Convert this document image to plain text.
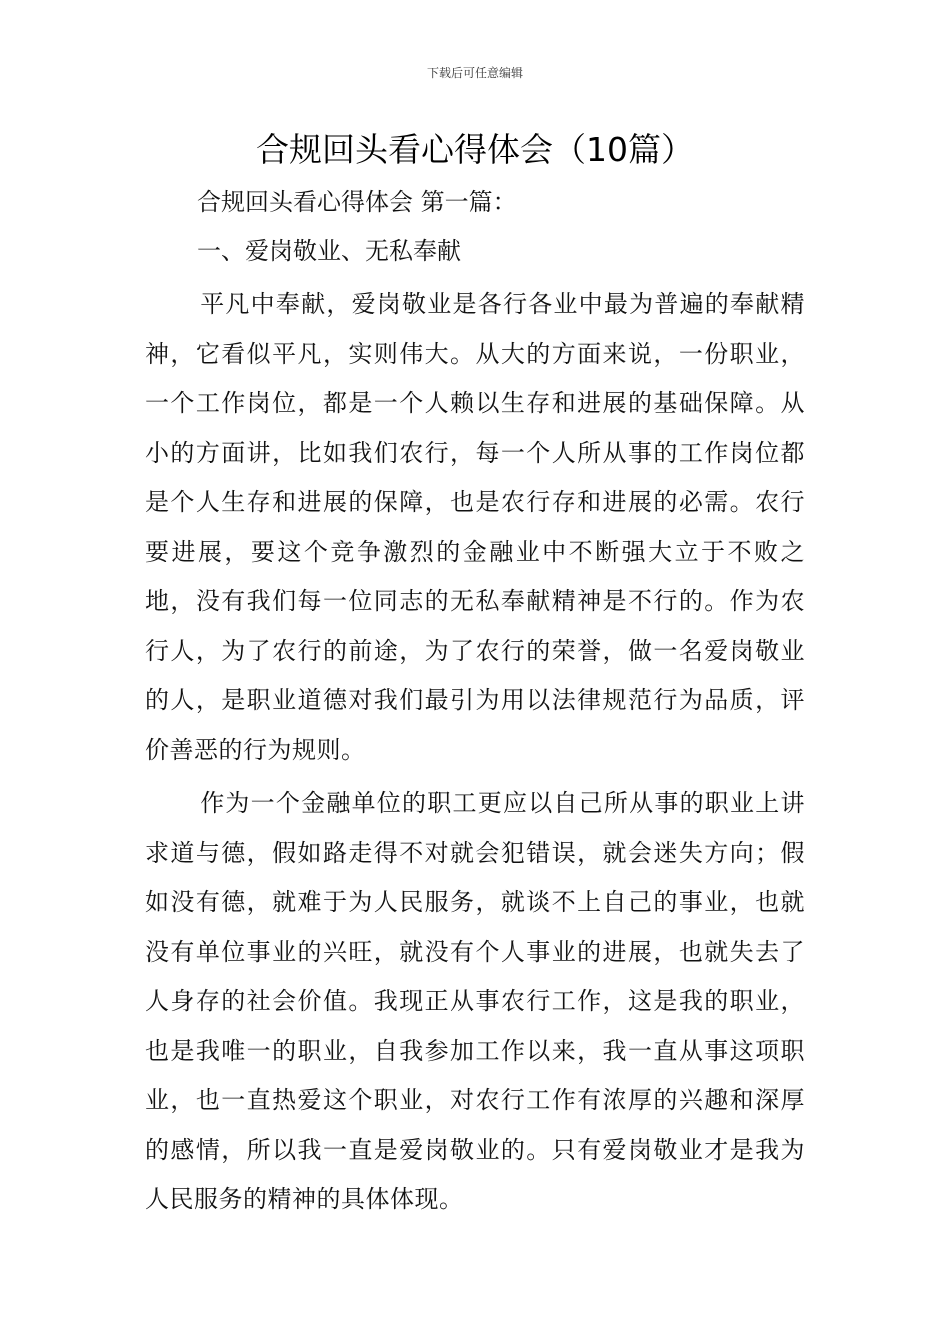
下载后可任意编辑
合规回头看心得体会（10篇）

合规回头看心得体会 第一篇：

一、爱岗敬业、无私奉献

平凡中奉献，爱岗敬业是各行各业中最为普遍的奉献精神，它看似平凡，实则伟大。从大的方面来说，一份职业，一个工作岗位，都是一个人赖以生存和进展的基础保障。从小的方面讲，比如我们农行，每一个人所从事的工作岗位都是个人生存和进展的保障，也是农行存和进展的必需。农行要进展，要这个竞争激烈的金融业中不断强大立于不败之地，没有我们每一位同志的无私奉献精神是不行的。作为农行人，为了农行的前途，为了农行的荣誉，做一名爱岗敬业的人，是职业道德对我们最引为用以法律规范行为品质，评价善恶的行为规则。

作为一个金融单位的职工更应以自己所从事的职业上讲求道与德，假如路走得不对就会犯错误，就会迷失方向；假如没有德，就难于为人民服务，就谈不上自己的事业，也就没有单位事业的兴旺，就没有个人事业的进展，也就失去了人身存的社会价值。我现正从事农行工作，这是我的职业，也是我唯一的职业，自我参加工作以来，我一直从事这项职业，也一直热爱这个职业，对农行工作有浓厚的兴趣和深厚的感情，所以我一直是爱岗敬业的。只有爱岗敬业才是我为人民服务的精神的具体体现。
